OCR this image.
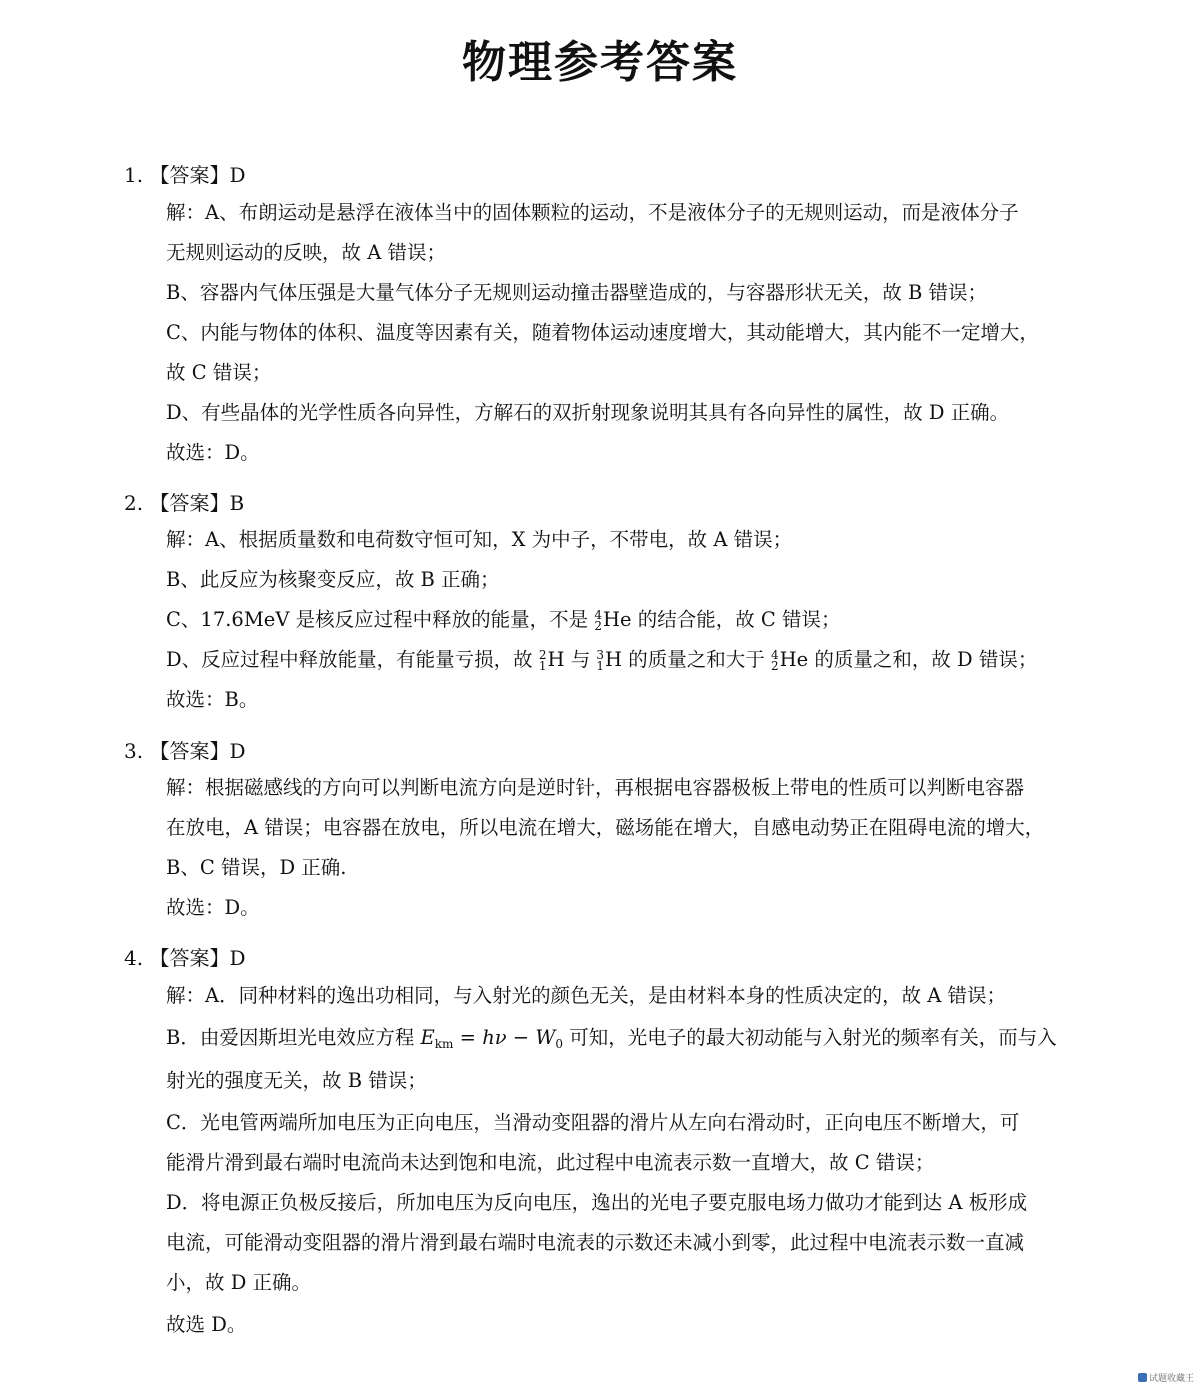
物理参考答案
1. 【答案】D
解：A、布朗运动是悬浮在液体当中的固体颗粒的运动，不是液体分子的无规则运动，而是液体分子
无规则运动的反映，故 A 错误；
B、容器内气体压强是大量气体分子无规则运动撞击器壁造成的，与容器形状无关，故 B 错误；
C、内能与物体的体积、温度等因素有关，随着物体运动速度增大，其动能增大，其内能不一定增大，
故 C 错误；
D、有些晶体的光学性质各向异性，方解石的双折射现象说明其具有各向异性的属性，故 D 正确。
故选：D。
2. 【答案】B
解：A、根据质量数和电荷数守恒可知，X 为中子，不带电，故 A 错误；
B、此反应为核聚变反应，故 B 正确；
C、17.6MeV 是核反应过程中释放的能量，不是 4
2 He 的结合能，故 C 错误；
D、反应过程中释放能量，有能量亏损，故 2
1 H 与 3
1 H 的质量之和大于 4
2 He 的质量之和，故 D 错误；
故选：B。
3. 【答案】D
解：根据磁感线的方向可以判断电流方向是逆时针，再根据电容器极板上带电的性质可以判断电容器
在放电，A 错误；电容器在放电，所以电流在增大，磁场能在增大，自感电动势正在阻碍电流的增大，
B、C 错误，D 正确.
故选：D。
4. 【答案】D
解：A．同种材料的逸出功相同，与入射光的颜色无关，是由材料本身的性质决定的，故 A 错误；
B．由爱因斯坦光电效应方程 $E_{km} = h\nu - W_0$ 可知，光电子的最大初动能与入射光的频率有关，而与入
射光的强度无关，故 B 错误；
C．光电管两端所加电压为正向电压，当滑动变阻器的滑片从左向右滑动时，正向电压不断增大，可
能滑片滑到最右端时电流尚未达到饱和电流，此过程中电流表示数一直增大，故 C 错误；
D．将电源正负极反接后，所加电压为反向电压，逸出的光电子要克服电场力做功才能到达 A 板形成
电流，可能滑动变阻器的滑片滑到最右端时电流表的示数还未减小到零，此过程中电流表示数一直减
小，故 D 正确。
故选 D。
试题收藏王
